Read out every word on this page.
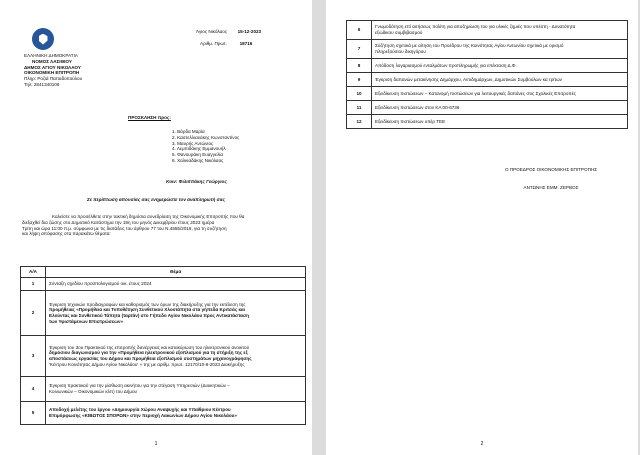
ΕΛΛΗΝΙΚΗ ΔΗΜΟΚΡΑΤΙΑ
ΝΟΜΟΣ ΛΑΣΙΘΙΟΥ
ΔΗΜΟΣ ΑΓΙΟΥ ΝΙΚΟΛΑΟΥ
ΟΙΚΟΝΟΜΙΚΗ ΕΠΙΤΡΟΠΗ
Πληρ: Ροζιά Παπαδοπούλου
Τηλ: 2841340106
Άγιος Νικόλαος 15-12-2023
Αριθμ. Πρωτ.	18716
ΠΡΟΣΚΛΗΣΗ προς:
1. Βάρδα Μαρία
2. Καστελλιανάκης Κωνσταντίνος
3. Μαυρής Αντώνιος
4. Λεμπιδάκης Εμμανουήλ
5. Φανουράκη Ευαγγελία
6. Χαλκιαδάκης Νικόλαος
Κοιν: Φιλιππάκης Γεώργιος
Σε περίπτωση απουσίας σας ενημερώστε τον αναπληρωτή σας
Καλείστε να προσέλθετε στην τακτική δημόσια συνεδρίαση της Οικονομικής Επιτροπής που θα
διεξαχθεί δια ζώσης στο Δημοτικό Κατάστημα την 19η του μηνός Δεκεμβρίου έτους 2023 ημέρα
Τρίτη και ώρα 11:00 π.μ. σύμφωνα με τις διατάξεις του άρθρου 77 του Ν.4555/2018, για τη συζήτηση
και λήψη απόφασης στα παρακάτω θέματα:
Α/Α	Θέμα
1	Σύνταξη σχεδίου προϋπολογισμού οικ. έτους 2024

2	Έγκριση τεχνικών προδιαγραφών και καθορισμός των όρων της διακήρυξης για την εκτέλεση της
προμήθειας «Προμήθεια και Τοποθέτηση Συνθετικού Χλοοτάπητα στα γήπεδα Κριτσάς και
Ελούντας και Συνθετικού Τάπητα (ταρτάν) στο Γήπεδο Αγίου Νικολάου προς Αντικατάσταση
των Υφιστάμενων Επιστρώσεων»

3	Έγκριση του 3ου Πρακτικού της επιτροπής διενέργειας και κατακύρωση του ηλεκτρονικού ανοικτού
δημόσιου διαγωνισμού για την «Προμήθεια ηλεκτρονικού εξοπλισμού για τη στήριξη της εξ
αποστάσεως εργασίας του Δήμου και προμήθεια εξοπλισμού συστημάτων μηχανογράφησης
'Κέντρου Κοινότητας Δήμου Αγίου Νικολάου' » της με αριθμ. πρωτ. 12170/10-8-2023 Διακήρυξης

4	Έγκριση πρακτικού για την μίσθωση ακινήτου για την στέγαση Υπηρεσιών (Διοικητικών –
Κοινωνικών – Οικονομικών κλπ) του Δήμου

5	Αποδοχή μελέτης του έργου «Δημιουργία Χώρου Αναψυχής και Υπαίθριου Κέντρου
Επιμόρφωσης «ΚΙΒΩΤΟΣ ΣΠΟΡΩΝ» στην περιοχή Λακωνίων Δήμου Αγίου Νικολάου»
1
6	Γνωμοδότηση επί αιτήσεως πολίτη για αποζημίωση του για υλικές ζημιές που υπέστη - Δυνατότητα
εξώδικου συμβιβασμού

7	Σύζήτηση σχετικά με αίτηση του Προέδρου της Κοινότητας Αγίου Αντωνίου σχετικά με ορισμό
πληρεξούσιου δικηγόρου

8	Απόδοση λογαριασμού ενταλμάτων προπληρωμής για επέκταση Δ.Φ.

9	Έγκριση δαπανών μετακίνησης Δημάρχου, Αντιδημάρχων, Δημοτικών Συμβούλων κα τρίτων

10	Εξειδίκευση πιστώσεων – Κατανομή πιστώσεων για λειτουργικές δαπάνες στις Σχολικές Επιτροπές

11	Εξειδίκευση πιστώσεων στον ΚΑ 00-6736

12	Εξειδίκευση πιστώσεων υπέρ ΤΕΕ
Ο ΠΡΟΕΔΡΟΣ ΟΙΚΟΝΟΜΙΚΗΣ ΕΠΙΤΡΟΠΗΣ
ΑΝΤΩΝΗΣ ΕΜΜ. ΖΕΡΒΟΣ
2
